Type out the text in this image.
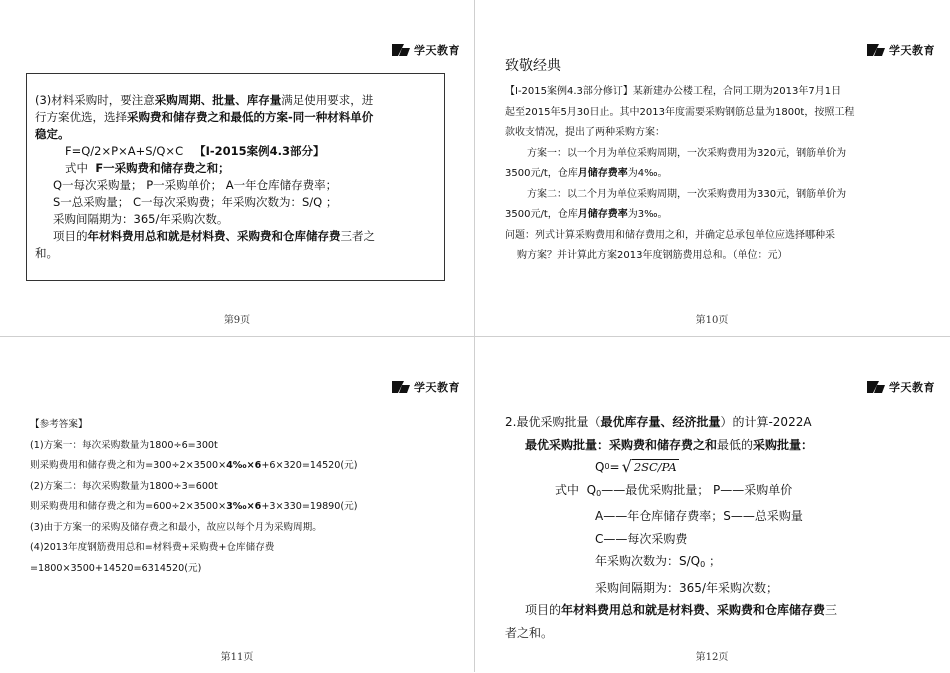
学天教育

(3)材料采购时，要注意采购周期、批量、库存量满足使用要求，进

行方案优选，选择采购费和储存费之和最低的方案-同一种材料单价

稳定。

F=Q/2×P×A+S/Q×C 【Ⅰ-2015案例4.3部分】

式中 F一采购费和储存费之和；

Q一每次采购量； P一采购单价； A一年仓库储存费率；

S一总采购量； C一每次采购费；年采购次数为：S/Q ；

采购间隔期为：365/年采购次数。

项目的年材料费用总和就是材料费、采购费和仓库储存费三者之

和。

第9页
学天教育
致敬经典

【Ⅰ-2015案例4.3部分修订】某新建办公楼工程，合同工期为2013年7月1日

起至2015年5月30日止。其中2013年度需要采购钢筋总量为1800t，按照工程

款收支情况，提出了两种采购方案：

方案一：以一个月为单位采购周期，一次采购费用为320元，钢筋单价为

3500元/t，仓库月储存费率为4‰。

方案二：以二个月为单位采购周期，一次采购费用为330元，钢筋单价为

3500元/t，仓库月储存费率为3‰。

问题：列式计算采购费用和储存费用之和，并确定总承包单位应选择哪种采

购方案？并计算此方案2013年度钢筋费用总和。（单位：元）

第10页
学天教育

【参考答案】

(1)方案一：每次采购数量为1800÷6=300t

则采购费用和储存费之和为=300÷2×3500×4‰×6+6×320=14520(元)

(2)方案二：每次采购数量为1800÷3=600t

则采购费用和储存费之和为=600÷2×3500×3‰×6+3×330=19890(元)

(3)由于方案一的采购及储存费之和最小，故应以每个月为采购周期。

(4)2013年度钢筋费用总和=材料费+采购费+仓库储存费

=1800×3500+14520=6314520(元)

第11页
学天教育

2.最优采购批量（最优库存量、经济批量）的计算-2022A

最优采购批量：采购费和储存费之和最低的采购批量：

Q 0 = √ 2SC/PA

式中 $Q_0——$最优采购批量； P——采购单价

A——年仓库储存费率；S——总采购量

C——每次采购费

年采购次数为：$S/Q_0$ ；

采购间隔期为：365/年采购次数；

项目的年材料费用总和就是材料费、采购费和仓库储存费三

者之和。

第12页
